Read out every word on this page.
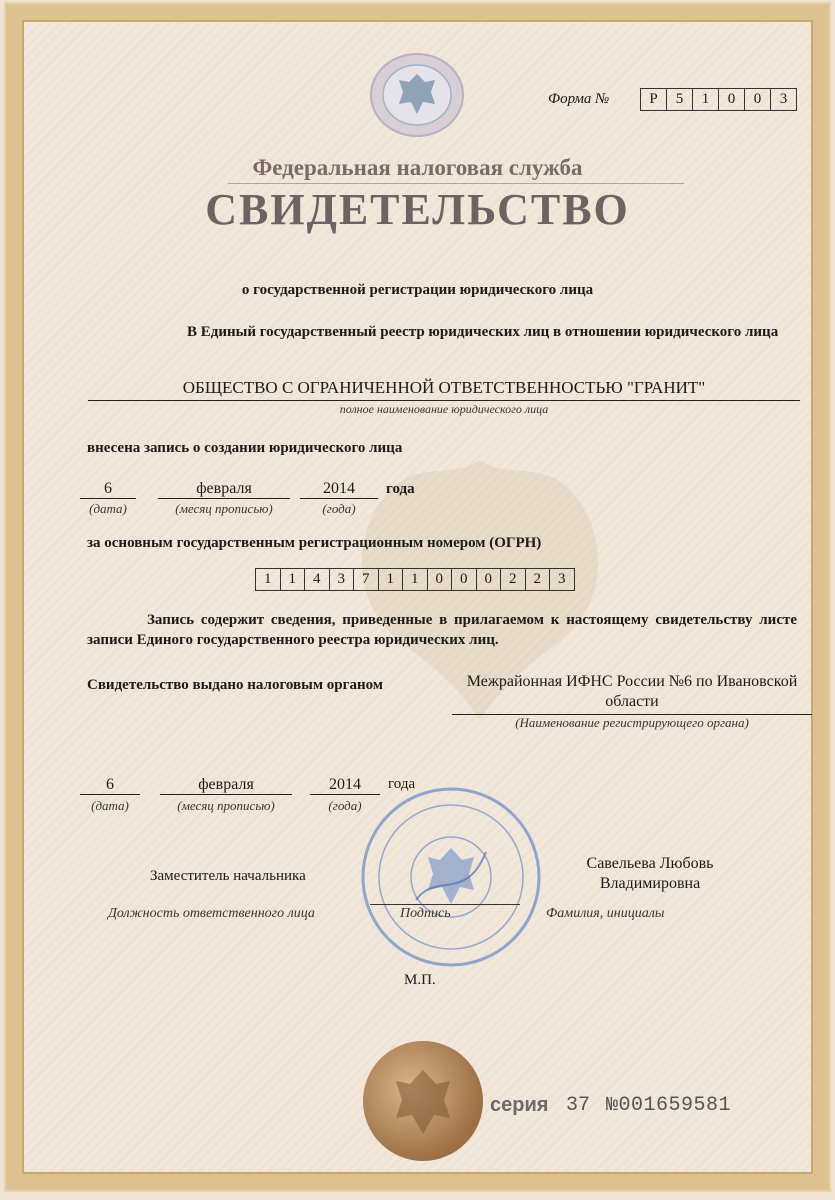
Форма №	Р	5	1	0	0	3
Федеральная налоговая служба
СВИДЕТЕЛЬСТВО
о государственной регистрации юридического лица
В Единый государственный реестр юридических лиц в отношении юридического лица
ОБЩЕСТВО С ОГРАНИЧЕННОЙ ОТВЕТСТВЕННОСТЬЮ "ГРАНИТ"
полное наименование юридического лица
внесена запись о создании юридического лица
6	февраля	2014	года
(дата)	(месяц прописью)	(года)
за основным государственным регистрационным номером (ОГРН)
1	1	4	3	7	1	1	0	0	0	2	2	3
Запись содержит сведения, приведенные в прилагаемом к настоящему свидетельству листе записи Единого государственного реестра юридических лиц.
Свидетельство выдано налоговым органом	Межрайонная ИФНС России №6 по Ивановской области
(Наименование регистрирующего органа)
6	февраля	2014	года
(дата)	(месяц прописью)	(года)
Заместитель начальника
Савельева Любовь Владимировна
Должность ответственного лица	Подпись	Фамилия, инициалы
М.П.
серия 37 №001659581
